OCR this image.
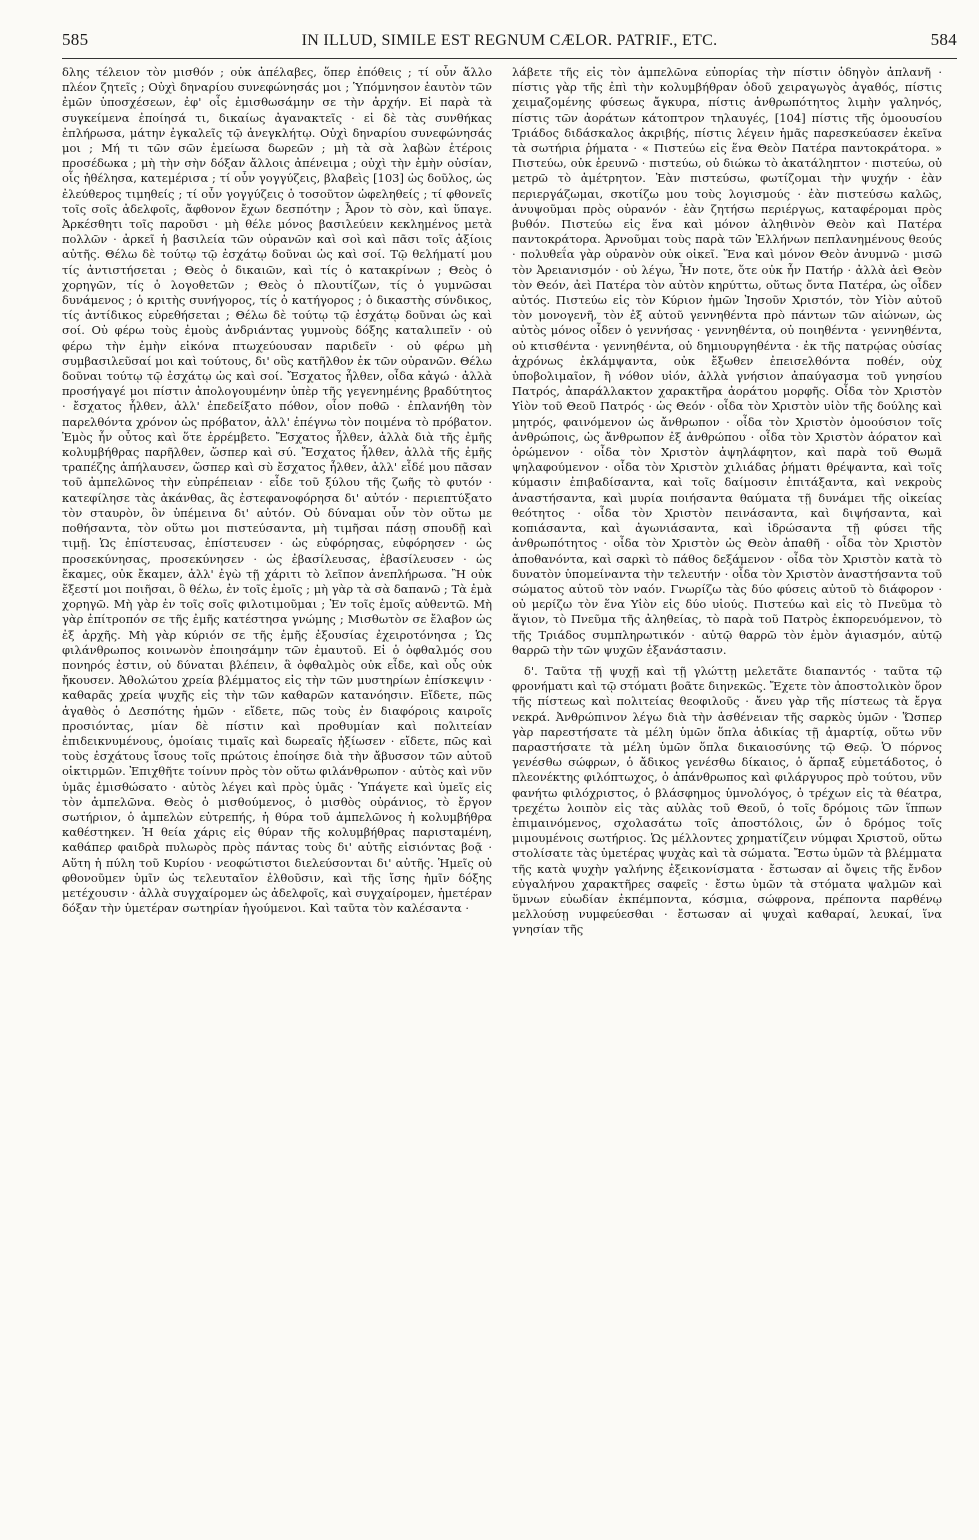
585	IN ILLUD, SIMILE EST REGNUM CÆLOR. PATRIF., ETC.	584

δλης τέλειον τὸν μισθόν ; οὐκ ἀπέλαβες, ὅπερ ἐπόθεις ; τί οὖν ἄλλο πλέον ζητεῖς ; Οὐχὶ δηναρίου συνεφώνησάς μοι ; Ὑπόμνησον ἑαυτὸν τῶν ἐμῶν ὑποσχέσεων, ἐφ' οἷς ἐμισθωσάμην σε τὴν ἀρχήν. Εἰ παρὰ τὰ συγκείμενα ἐποίησά τι, δικαίως ἀγανακτεῖς · εἰ δὲ τὰς συνθήκας ἐπλήρωσα, μάτην ἐγκαλεῖς τῷ ἀνεγκλήτῳ. Οὐχὶ δηναρίου συνεφώνησάς μοι ; Μή τι τῶν σῶν ἐμείωσα δωρεῶν ; μὴ τὰ σὰ λαβὼν ἑτέροις προσέδωκα ; μὴ τὴν σὴν δόξαν ἄλλοις ἀπένειμα ; οὐχὶ τὴν ἐμὴν οὐσίαν, οἷς ἠθέλησα, κατεμέρισα ; τί οὖν γογγύζεις, βλαβεὶς [103] ὡς δοῦλος, ὡς ἐλεύθερος τιμηθείς ; τί οὖν γογγύζεις ὁ τοσοῦτον ὠφεληθείς ; τί φθονεῖς τοῖς σοῖς ἀδελφοῖς, ἄφθονον ἔχων δεσπότην ; Ἆρον τὸ σὸν, καὶ ὕπαγε. Ἀρκέσθητι τοῖς παροῦσι · μὴ θέλε μόνος βασιλεύειν κεκλημένος μετὰ πολλῶν · ἀρκεῖ ἡ βασιλεία τῶν οὐρανῶν καὶ σοὶ καὶ πᾶσι τοῖς ἀξίοις αὐτῆς. Θέλω δὲ τούτῳ τῷ ἐσχάτῳ δοῦναι ὡς καὶ σοί. Τῷ θελήματί μου τίς ἀντιστήσεται ; Θεὸς ὁ δικαιῶν, καὶ τίς ὁ κατακρίνων ; Θεὸς ὁ χορηγῶν, τίς ὁ λογοθετῶν ; Θεὸς ὁ πλουτίζων, τίς ὁ γυμνῶσαι δυνάμενος ; ὁ κριτὴς συνήγορος, τίς ὁ κατήγορος ; ὁ δικαστὴς σύνδικος, τίς ἀντίδικος εὑρεθήσεται ; Θέλω δὲ τούτῳ τῷ ἐσχάτῳ δοῦναι ὡς καὶ σοί. Οὐ φέρω τοὺς ἐμοὺς ἀνδριάντας γυμνοὺς δόξης καταλιπεῖν · οὐ φέρω τὴν ἐμὴν εἰκόνα πτωχεύουσαν παριδεῖν · οὐ φέρω μὴ συμβασιλεῦσαί μοι καὶ τούτους, δι' οὓς κατῆλθον ἐκ τῶν οὐρανῶν. Θέλω δοῦναι τούτῳ τῷ ἐσχάτῳ ὡς καὶ σοί. Ἔσχατος ἦλθεν, οἶδα κἀγώ · ἀλλὰ προσήγαγέ μοι πίστιν ἀπολογουμένην ὑπὲρ τῆς γεγενημένης βραδύτητος · ἔσχατος ἦλθεν, ἀλλ' ἐπεδείξατο πόθον, οἷον ποθῶ · ἐπλανήθη τὸν παρελθόντα χρόνον ὡς πρόβατον, ἀλλ' ἐπέγνω τὸν ποιμένα τὸ πρόβατον. Ἐμὸς ἦν οὗτος καὶ ὅτε ἐρρέμβετο. Ἔσχατος ἦλθεν, ἀλλὰ διὰ τῆς ἐμῆς κολυμβήθρας παρῆλθεν, ὥσπερ καὶ σύ. Ἔσχατος ἦλθεν, ἀλλὰ τῆς ἐμῆς τραπέζης ἀπήλαυσεν, ὥσπερ καὶ σὺ ἔσχατος ἦλθεν, ἀλλ' εἶδέ μου πᾶσαν τοῦ ἀμπελῶνος τὴν εὐπρέπειαν · εἶδε τοῦ ξύλου τῆς ζωῆς τὸ φυτόν · κατεφίλησε τὰς ἀκάνθας, ἃς ἐστεφανοφόρησα δι' αὐτόν · περιεπτύξατο τὸν σταυρὸν, ὃν ὑπέμεινα δι' αὐτόν. Οὐ δύναμαι οὖν τὸν οὕτω με ποθήσαντα, τὸν οὕτω μοι πιστεύσαντα, μὴ τιμῆσαι πάσῃ σπουδῇ καὶ τιμῇ. Ὡς ἐπίστευσας, ἐπίστευσεν · ὡς εὐφόρησας, εὐφόρησεν · ὡς προσεκύνησας, προσεκύνησεν · ὡς ἐβασίλευσας, ἐβασίλευσεν · ὡς ἔκαμες, οὐκ ἔκαμεν, ἀλλ' ἐγὼ τῇ χάριτι τὸ λεῖπον ἀνεπλήρωσα. Ἢ οὐκ ἔξεστί μοι ποιῆσαι, ὃ θέλω, ἐν τοῖς ἐμοῖς ; μὴ γὰρ τὰ σὰ δαπανῶ ; Τὰ ἐμὰ χορηγῶ. Μὴ γὰρ ἐν τοῖς σοῖς φιλοτιμοῦμαι ; Ἐν τοῖς ἐμοῖς αὐθεντῶ. Μὴ γὰρ ἐπίτροπόν σε τῆς ἐμῆς κατέστησα γνώμης ; Μισθωτὸν σε ἔλαβον ὡς ἐξ ἀρχῆς. Μὴ γὰρ κύριόν σε τῆς ἐμῆς ἐξουσίας ἐχειροτόνησα ; Ὡς φιλάνθρωπος κοινωνὸν ἐποιησάμην τῶν ἐμαυτοῦ. Εἰ ὁ ὀφθαλμός σου πονηρός ἐστιν, οὐ δύναται βλέπειν, ἃ ὀφθαλμὸς οὐκ εἶδε, καὶ οὖς οὐκ ἤκουσεν. Ἀθολώτου χρεία βλέμματος εἰς τὴν τῶν μυστηρίων ἐπίσκεψιν · καθαρᾶς χρεία ψυχῆς εἰς τὴν τῶν καθαρῶν κατανόησιν. Εἴδετε, πῶς ἀγαθὸς ὁ Δεσπότης ἡμῶν · εἴδετε, πῶς τοὺς ἐν διαφόροις καιροῖς προσιόντας, μίαν δὲ πίστιν καὶ προθυμίαν καὶ πολιτείαν ἐπιδεικνυμένους, ὁμοίαις τιμαῖς καὶ δωρεαῖς ἠξίωσεν · εἴδετε, πῶς καὶ τοὺς ἐσχάτους ἴσους τοῖς πρώτοις ἐποίησε διὰ τὴν ἄβυσσον τῶν αὐτοῦ οἰκτιρμῶν. Ἐπιχθῆτε τοίνυν πρὸς τὸν οὕτω φιλάνθρωπον · αὐτὸς καὶ νῦν ὑμᾶς ἐμισθώσατο · αὐτὸς λέγει καὶ πρὸς ὑμᾶς · Ὑπάγετε καὶ ὑμεῖς εἰς τὸν ἀμπελῶνα. Θεὸς ὁ μισθούμενος, ὁ μισθὸς οὐράνιος, τὸ ἔργον σωτήριον, ὁ ἀμπελὼν εὐτρεπής, ἡ θύρα τοῦ ἀμπελῶνος ἡ κολυμβήθρα καθέστηκεν. Ἡ θεία χάρις εἰς θύραν τῆς κολυμβήθρας παρισταμένη, καθάπερ φαιδρὰ πυλωρὸς πρὸς πάντας τοὺς δι' αὐτῆς εἰσιόντας βοᾷ · Αὕτη ἡ πύλη τοῦ Κυρίου · νεοφώτιστοι διελεύσονται δι' αὐτῆς. Ἡμεῖς οὐ φθονοῦμεν ὑμῖν ὡς τελευταῖον ἐλθοῦσιν, καὶ τῆς ἴσης ἡμῖν δόξης μετέχουσιν · ἀλλὰ συγχαίρομεν ὡς ἀδελφοῖς, καὶ συγχαίρομεν, ἡμετέραν δόξαν τὴν ὑμετέραν σωτηρίαν ἡγούμενοι. Καὶ ταῦτα τὸν καλέσαντα ·

λάβετε τῆς εἰς τὸν ἀμπελῶνα εὐπορίας τὴν πίστιν ὁδηγὸν ἀπλανῆ · πίστις γὰρ τῆς ἐπὶ τὴν κολυμβήθραν ὁδοῦ χειραγωγὸς ἀγαθός, πίστις χειμαζομένης φύσεως ἄγκυρα, πίστις ἀνθρωπότητος λιμὴν γαληνός, πίστις τῶν ἀοράτων κάτοπτρον τηλαυγές, [104] πίστις τῆς ὁμοουσίου Τριάδος διδάσκαλος ἀκριβής, πίστις λέγειν ἡμᾶς παρεσκεύασεν ἐκεῖνα τὰ σωτήρια ῥήματα · « Πιστεύω εἰς ἕνα Θεὸν Πατέρα παντοκράτορα. » Πιστεύω, οὐκ ἐρευνῶ · πιστεύω, οὐ διώκω τὸ ἀκατάληπτον · πιστεύω, οὐ μετρῶ τὸ ἀμέτρητον. Ἐὰν πιστεύσω, φωτίζομαι τὴν ψυχήν · ἐὰν περιεργάζωμαι, σκοτίζω μου τοὺς λογισμούς · ἐὰν πιστεύσω καλῶς, ἀνυψοῦμαι πρὸς οὐρανόν · ἐὰν ζητήσω περιέργως, καταφέρομαι πρὸς βυθόν. Πιστεύω εἰς ἕνα καὶ μόνον ἀληθινὸν Θεὸν καὶ Πατέρα παντοκράτορα. Ἀρνοῦμαι τοὺς παρὰ τῶν Ἑλλήνων πεπλανημένους θεούς · πολυθεΐα γὰρ οὐρανὸν οὐκ οἰκεῖ. Ἕνα καὶ μόνον Θεὸν ἀνυμνῶ · μισῶ τὸν Ἀρειανισμόν · οὐ λέγω, Ἦν ποτε, ὅτε οὐκ ἦν Πατήρ · ἀλλὰ ἀεὶ Θεὸν τὸν Θεόν, ἀεὶ Πατέρα τὸν αὐτὸν κηρύττω, οὕτως ὄντα Πατέρα, ὡς οἶδεν αὐτός. Πιστεύω εἰς τὸν Κύριον ἡμῶν Ἰησοῦν Χριστόν, τὸν Υἱὸν αὐτοῦ τὸν μονογενῆ, τὸν ἐξ αὐτοῦ γεννηθέντα πρὸ πάντων τῶν αἰώνων, ὡς αὐτὸς μόνος οἶδεν ὁ γεννήσας · γεννηθέντα, οὐ ποιηθέντα · γεννηθέντα, οὐ κτισθέντα · γεννηθέντα, οὐ δημιουργηθέντα · ἐκ τῆς πατρῴας οὐσίας ἀχρόνως ἐκλάμψαντα, οὐκ ἔξωθεν ἐπεισελθόντα ποθέν, οὐχ ὑποβολιμαῖον, ἢ νόθον υἱόν, ἀλλὰ γνήσιον ἀπαύγασμα τοῦ γνησίου Πατρός, ἀπαράλλακτον χαρακτῆρα ἀοράτου μορφῆς. Οἶδα τὸν Χριστὸν Υἱὸν τοῦ Θεοῦ Πατρός · ὡς Θεόν · οἶδα τὸν Χριστὸν υἱὸν τῆς δούλης καὶ μητρός, φαινόμενον ὡς ἄνθρωπον · οἶδα τὸν Χριστὸν ὁμοούσιον τοῖς ἀνθρώποις, ὡς ἄνθρωπον ἐξ ἀνθρώπου · οἶδα τὸν Χριστὸν ἀόρατον καὶ ὁρώμενον · οἶδα τὸν Χριστὸν ἀψηλάφητον, καὶ παρὰ τοῦ Θωμᾶ ψηλαφούμενον · οἶδα τὸν Χριστὸν χιλιάδας ῥήματι θρέψαντα, καὶ τοῖς κύμασιν ἐπιβαδίσαντα, καὶ τοῖς δαίμοσιν ἐπιτάξαντα, καὶ νεκροὺς ἀναστήσαντα, καὶ μυρία ποιήσαντα θαύματα τῇ δυνάμει τῆς οἰκείας θεότητος · οἶδα τὸν Χριστὸν πεινάσαντα, καὶ διψήσαντα, καὶ κοπιάσαντα, καὶ ἀγωνιάσαντα, καὶ ἱδρώσαντα τῇ φύσει τῆς ἀνθρωπότητος · οἶδα τὸν Χριστὸν ὡς Θεὸν ἀπαθῆ · οἶδα τὸν Χριστὸν ἀποθανόντα, καὶ σαρκὶ τὸ πάθος δεξάμενον · οἶδα τὸν Χριστὸν κατὰ τὸ δυνατὸν ὑπομείναντα τὴν τελευτήν · οἶδα τὸν Χριστὸν ἀναστήσαντα τοῦ σώματος αὐτοῦ τὸν ναόν. Γνωρίζω τὰς δύο φύσεις αὐτοῦ τὸ διάφορον · οὐ μερίζω τὸν ἕνα Υἱὸν εἰς δύο υἱούς. Πιστεύω καὶ εἰς τὸ Πνεῦμα τὸ ἅγιον, τὸ Πνεῦμα τῆς ἀληθείας, τὸ παρὰ τοῦ Πατρὸς ἐκπορευόμενον, τὸ τῆς Τριάδος συμπληρωτικόν · αὐτῷ θαρρῶ τὸν ἐμὸν ἁγιασμόν, αὐτῷ θαρρῶ τὴν τῶν ψυχῶν ἐξανάστασιν.

δ'. Ταῦτα τῇ ψυχῇ καὶ τῇ γλώττῃ μελετᾶτε διαπαντός · ταῦτα τῷ φρονήματι καὶ τῷ στόματι βοᾶτε διηνεκῶς. Ἔχετε τὸν ἀποστολικὸν ὅρον τῆς πίστεως καὶ πολιτείας θεοφιλοῦς · ἄνευ γὰρ τῆς πίστεως τὰ ἔργα νεκρά. Ἀνθρώπινον λέγω διὰ τὴν ἀσθένειαν τῆς σαρκὸς ὑμῶν · Ὥσπερ γὰρ παρεστήσατε τὰ μέλη ὑμῶν ὅπλα ἀδικίας τῇ ἁμαρτίᾳ, οὕτω νῦν παραστήσατε τὰ μέλη ὑμῶν ὅπλα δικαιοσύνης τῷ Θεῷ. Ὁ πόρνος γενέσθω σώφρων, ὁ ἄδικος γενέσθω δίκαιος, ὁ ἅρπαξ εὐμετάδοτος, ὁ πλεονέκτης φιλόπτωχος, ὁ ἀπάνθρωπος καὶ φιλάργυρος πρὸ τούτου, νῦν φανήτω φιλόχριστος, ὁ βλάσφημος ὑμνολόγος, ὁ τρέχων εἰς τὰ θέατρα, τρεχέτω λοιπὸν εἰς τὰς αὐλὰς τοῦ Θεοῦ, ὁ τοῖς δρόμοις τῶν ἵππων ἐπιμαινόμενος, σχολασάτω τοῖς ἀποστόλοις, ὧν ὁ δρόμος τοῖς μιμουμένοις σωτήριος. Ὡς μέλλοντες χρηματίζειν νύμφαι Χριστοῦ, οὕτω στολίσατε τὰς ὑμετέρας ψυχὰς καὶ τὰ σώματα. Ἔστω ὑμῶν τὰ βλέμματα τῆς κατὰ ψυχὴν γαλήνης ἐξεικονίσματα · ἔστωσαν αἱ ὄψεις τῆς ἔνδον εὐγαλήνου χαρακτῆρες σαφεῖς · ἔστω ὑμῶν τὰ στόματα ψαλμῶν καὶ ὕμνων εὐωδίαν ἐκπέμποντα, κόσμια, σώφρονα, πρέποντα παρθένῳ μελλούσῃ νυμφεύεσθαι · ἔστωσαν αἱ ψυχαὶ καθαραί, λευκαί, ἵνα γνησίαν τῆς
